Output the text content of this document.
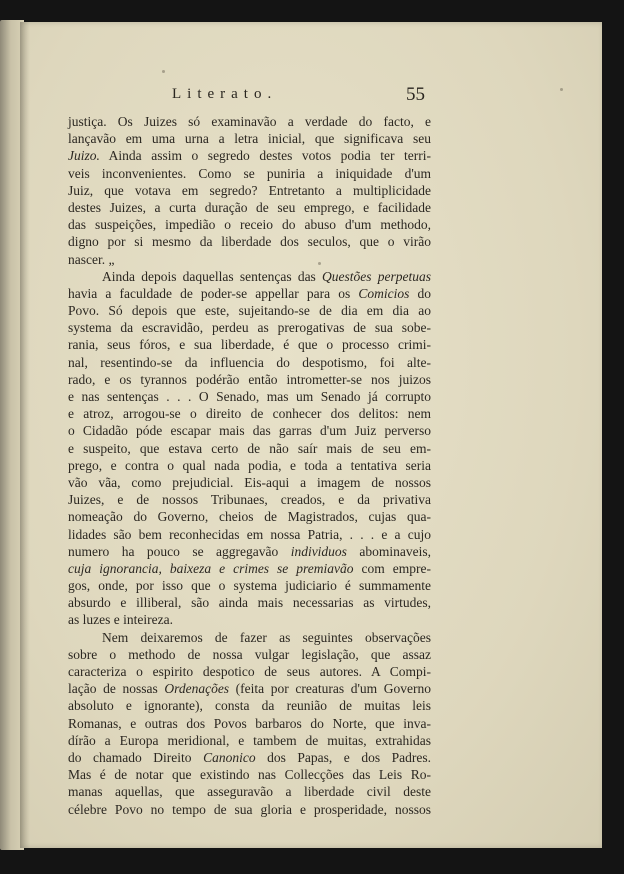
Literato.	55
justiça. Os Juizes só examinavão a verdade do facto, e
lançavão em uma urna a letra inicial, que significava seu
Juizo. Ainda assim o segredo destes votos podia ter terri-
veis inconvenientes. Como se puniria a iniquidade d'um
Juiz, que votava em segredo? Entretanto a multiplicidade
destes Juizes, a curta duração de seu emprego, e facilidade
das suspeições, impedião o receio do abuso d'um methodo,
digno por si mesmo da liberdade dos seculos, que o virão
nascer. „
Ainda depois daquellas sentenças das Questões perpetuas
havia a faculdade de poder-se appellar para os Comicios do
Povo. Só depois que este, sujeitando-se de dia em dia ao
systema da escravidão, perdeu as prerogativas de sua sobe-
rania, seus fóros, e sua liberdade, é que o processo crimi-
nal, resentindo-se da influencia do despotismo, foi alte-
rado, e os tyrannos podérão então intrometter-se nos juizos
e nas sentenças . . . O Senado, mas um Senado já corrupto
e atroz, arrogou-se o direito de conhecer dos delitos: nem
o Cidadão póde escapar mais das garras d'um Juiz perverso
e suspeito, que estava certo de não saír mais de seu em-
prego, e contra o qual nada podia, e toda a tentativa seria
vão vãa, como prejudicial. Eis-aqui a imagem de nossos
Juizes, e de nossos Tribunaes, creados, e da privativa
nomeação do Governo, cheios de Magistrados, cujas qua-
lidades são bem reconhecidas em nossa Patria, . . . e a cujo
numero ha pouco se aggregavão individuos abominaveis,
cuja ignorancia, baixeza e crimes se premiavão com empre-
gos, onde, por isso que o systema judiciario é summamente
absurdo e illiberal, são ainda mais necessarias as virtudes,
as luzes e inteireza.
Nem deixaremos de fazer as seguintes observações
sobre o methodo de nossa vulgar legislação, que assaz
caracteriza o espirito despotico de seus autores. A Compi-
lação de nossas Ordenações (feita por creaturas d'um Governo
absoluto e ignorante), consta da reunião de muitas leis
Romanas, e outras dos Povos barbaros do Norte, que inva-
dírão a Europa meridional, e tambem de muitas, extrahidas
do chamado Direito Canonico dos Papas, e dos Padres.
Mas é de notar que existindo nas Collecções das Leis Ro-
manas aquellas, que asseguravão a liberdade civil deste
célebre Povo no tempo de sua gloria e prosperidade, nossos
